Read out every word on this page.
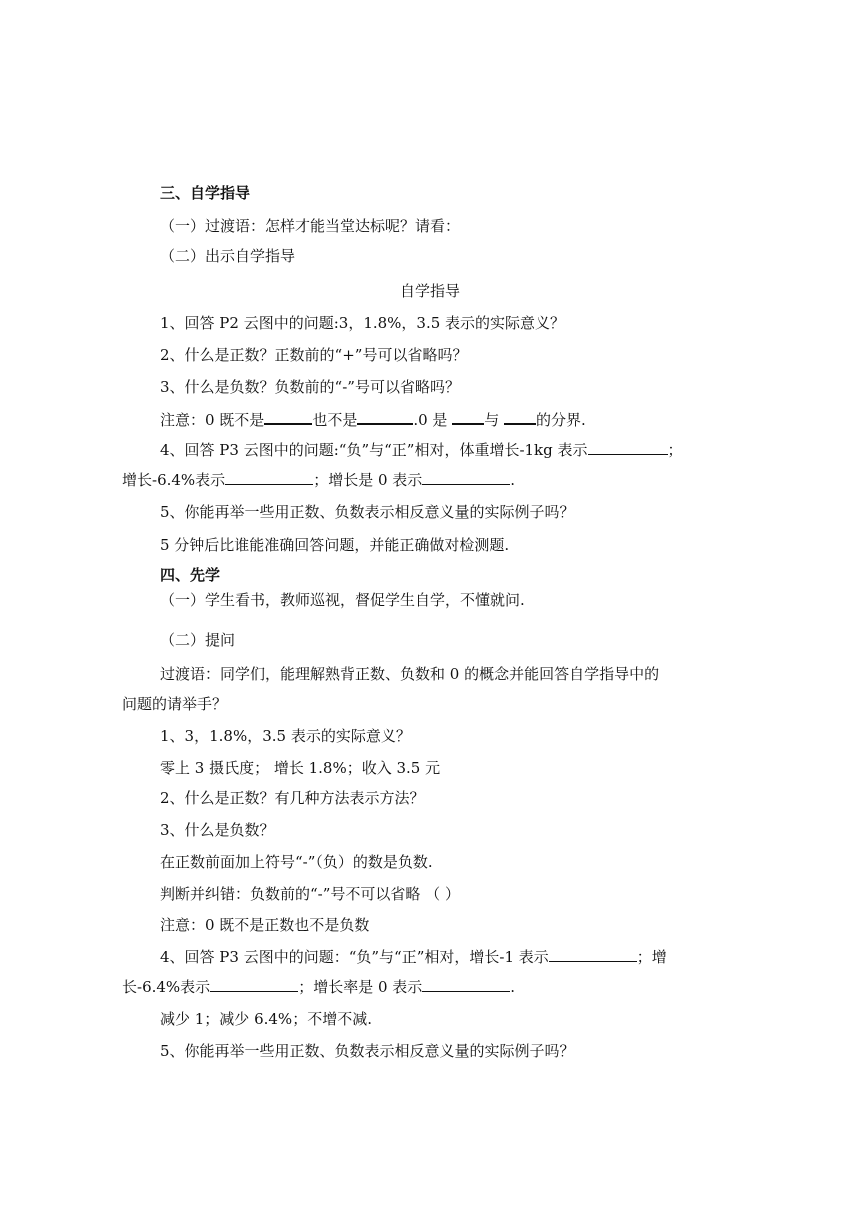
三、自学指导
（一）过渡语：怎样才能当堂达标呢？请看：
（二）出示自学指导
自学指导
1、回答 P2 云图中的问题:3，1.8%，3.5 表示的实际意义？
2、什么是正数？正数前的“+”号可以省略吗？
3、什么是负数？负数前的“-”号可以省略吗？
注意：0 既不是	也不是	.0 是 与 的分界.
4、回答 P3 云图中的问题:“负”与“正”相对，体重增长-1kg 表示	；
增长-6.4%表示	；增长是 0 表示	.
5、你能再举一些用正数、负数表示相反意义量的实际例子吗？
5 分钟后比谁能准确回答问题，并能正确做对检测题.
四、先学
（一）学生看书，教师巡视，督促学生自学，不懂就问.
（二）提问
过渡语：同学们，能理解熟背正数、负数和 0 的概念并能回答自学指导中的
问题的请举手？
1、3，1.8%，3.5 表示的实际意义？
零上 3 摄氏度； 增长 1.8%；收入 3.5 元
2、什么是正数？有几种方法表示方法？
3、什么是负数？
在正数前面加上符号“-”（负）的数是负数.
判断并纠错：负数前的“-”号不可以省略 （ ）
注意：0 既不是正数也不是负数
4、回答 P3 云图中的问题：“负”与“正”相对，增长-1 表示	；增
长-6.4%表示	；增长率是 0 表示	.
减少 1；减少 6.4%；不增不减.
5、你能再举一些用正数、负数表示相反意义量的实际例子吗？
